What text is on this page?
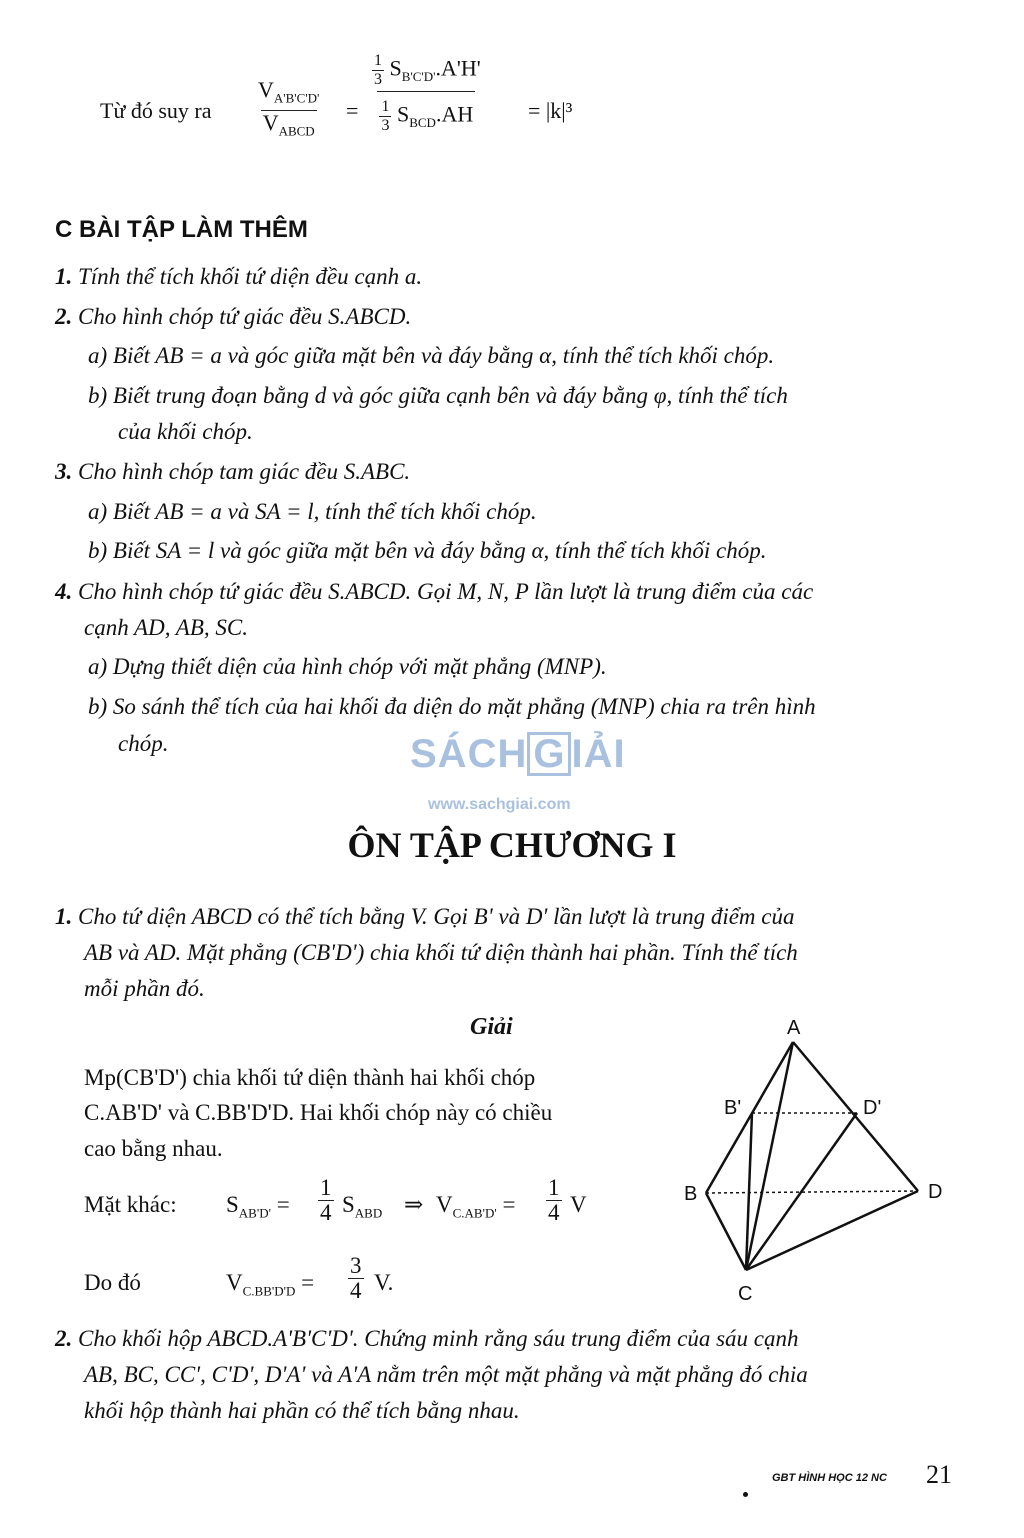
Từ đó suy ra
$V_{A'B'C'D'}$
$V_{ABCD}$
=
$\frac{1}{3} S_{B'C'D'}.A'H'$
$\frac{1}{3} S_{BCD}.AH = |k|^3$
C BÀI TẬP LÀM THÊM
1. Tính thể tích khối tứ diện đều cạnh a.
2. Cho hình chóp tứ giác đều S.ABCD.
a) Biết AB = a và góc giữa mặt bên và đáy bằng α, tính thể tích khối chóp.
b) Biết trung đoạn bằng d và góc giữa cạnh bên và đáy bằng φ, tính thể tích
của khối chóp.
3. Cho hình chóp tam giác đều S.ABC.
a) Biết AB = a và SA = l, tính thể tích khối chóp.
b) Biết SA = l và góc giữa mặt bên và đáy bằng α, tính thể tích khối chóp.
4. Cho hình chóp tứ giác đều S.ABCD. Gọi M, N, P lần lượt là trung điểm của các
cạnh AD, AB, SC.
a) Dựng thiết diện của hình chóp với mặt phẳng (MNP).
b) So sánh thể tích của hai khối đa diện do mặt phẳng (MNP) chia ra trên hình
chóp.	SÁCH G IẢI
www.sachgiai.com
ÔN TẬP CHƯƠNG I
1. Cho tứ diện ABCD có thể tích bằng V. Gọi B' và D' lần lượt là trung điểm của
AB và AD. Mặt phẳng (CB'D') chia khối tứ diện thành hai phần. Tính thể tích
mỗi phần đó.
Giải
Mp(CB'D') chia khối tứ diện thành hai khối chóp
C.AB'D' và C.BB'D'D. Hai khối chóp này có chiều
cao bằng nhau.
Mặt khác: $S_{AB'D'} = \frac{1}{4} S_{ABD}$ ⇒ $V_{C.AB'D'} = \frac{1}{4}$ V
Do đó	$V_{C.BB'D'D} = \frac{3}{4} V$.
A
B
C
D
B'	D'
2. Cho khối hộp ABCD.A'B'C'D'. Chứng minh rằng sáu trung điểm của sáu cạnh
AB, BC, CC', C'D', D'A' và A'A nằm trên một mặt phẳng và mặt phẳng đó chia
khối hộp thành hai phần có thể tích bằng nhau.
GBT HÌNH HỌC 12 NC 21
